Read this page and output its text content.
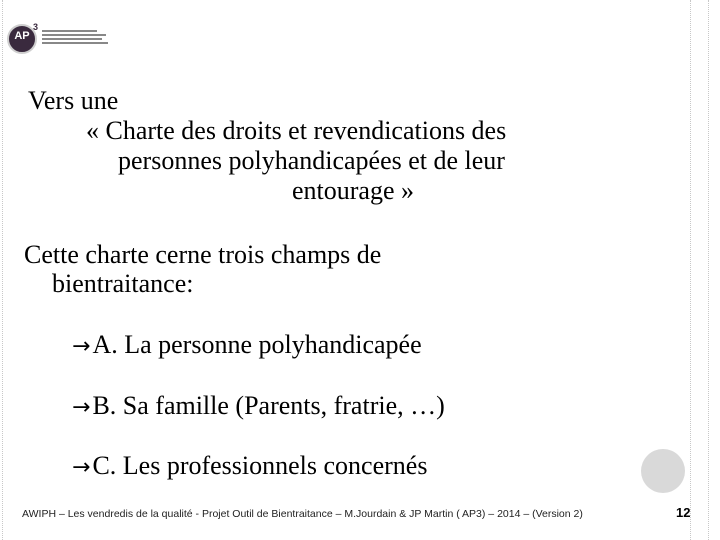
AP
3
Vers une
« Charte des droits et revendications des
personnes polyhandicapées et de leur
entourage »
Cette charte cerne trois champs de
bientraitance:
→A. La personne polyhandicapée
→B. Sa famille (Parents, fratrie, …)
→C. Les professionnels concernés
AWIPH – Les vendredis de la qualité - Projet Outil de Bientraitance – M.Jourdain & JP Martin ( AP3) – 2014 – (Version 2)	12
